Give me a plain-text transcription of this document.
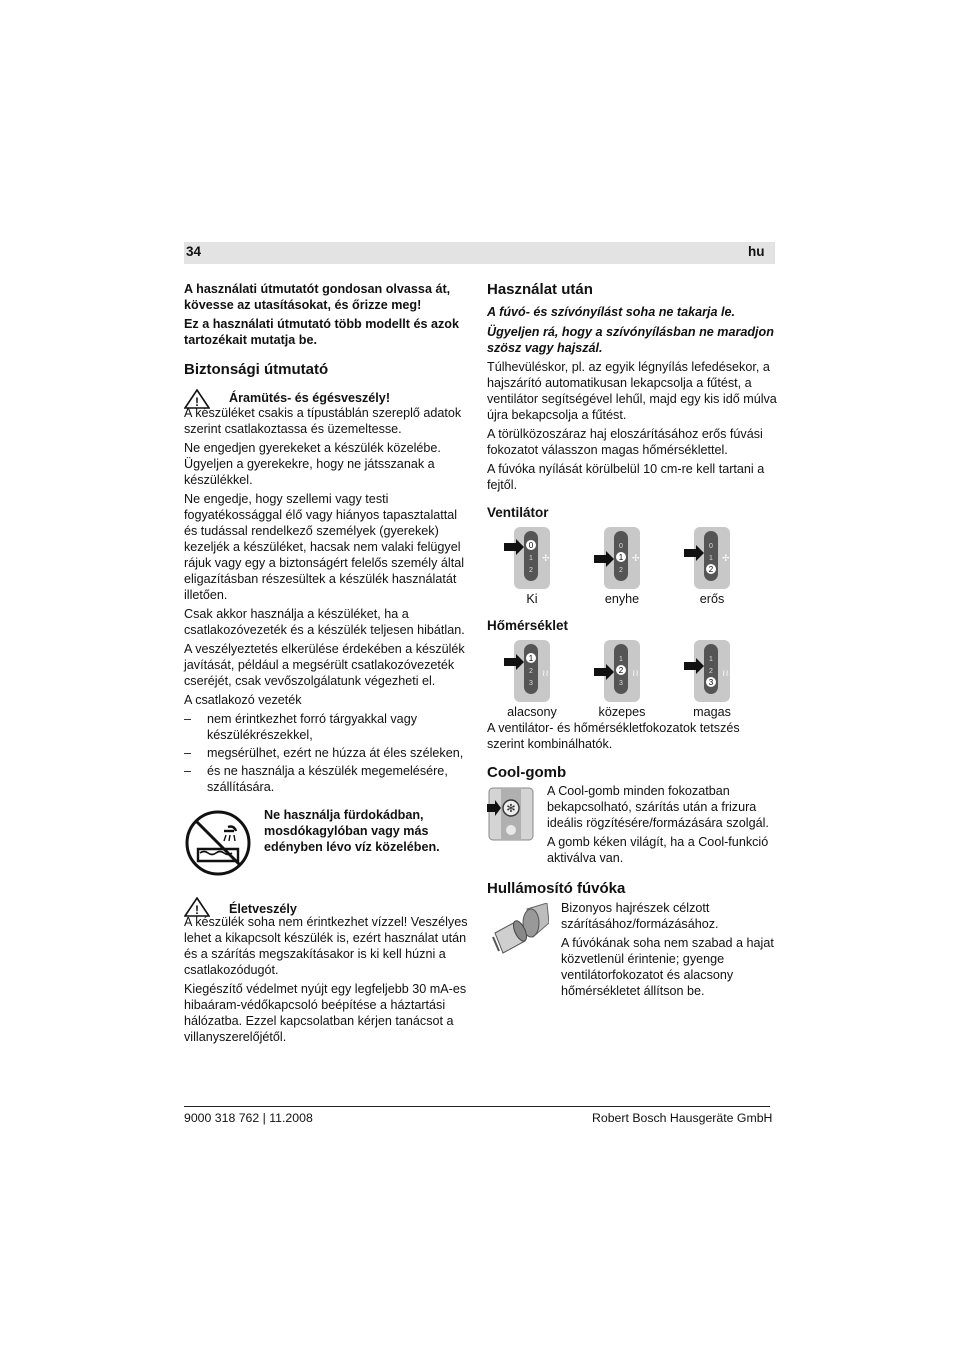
34	hu

A használati útmutatót gondosan olvassa át, kövesse az utasításokat, és őrizze meg!

Ez a használati útmutató több modellt és azok tartozékait mutatja be.

Biztonsági útmutató
! Áramütés- és égésveszély!

A készüléket csakis a típustáblán szereplő adatok szerint csatlakoztassa és üzemeltesse.

Ne engedjen gyerekeket a készülék közelébe. Ügyeljen a gyerekekre, hogy ne játsszanak a készülékkel.

Ne engedje, hogy szellemi vagy testi fogyatékossággal élő vagy hiányos tapasztalattal és tudással rendelkező személyek (gyerekek) kezeljék a készüléket, hacsak nem valaki felügyel rájuk vagy egy a biztonságért felelős személy által eligazításban részesültek a készülék használatát illetően.

Csak akkor használja a készüléket, ha a csatlakozóvezeték és a készülék teljesen hibátlan.

A veszélyeztetés elkerülése érdekében a készülék javítását, például a megsérült csatlakozóvezeték cseréjét, csak vevőszolgálatunk végezheti el.

A csatlakozó vezeték

– nem érintkezhet forró tárgyakkal vagy készülékrészekkel,
– megsérülhet, ezért ne húzza át éles széleken,
– és ne használja a készülék megemelésére, szállítására.
Ne használja fürdokádban, mosdókagylóban vagy más edényben lévo víz közelében.
! Életveszély

A készülék soha nem érintkezhet vízzel! Veszélyes lehet a kikapcsolt készülék is, ezért használat után és a szárítás megszakításakor is ki kell húzni a csatlakozódugót.

Kiegészítő védelmet nyújt egy legfeljebb 30 mA-es hibaáram-védőkapcsoló beépítése a háztartási hálózatba. Ezzel kapcsolatban kérjen tanácsot a villanyszerelőjétől.

Használat után

A fúvó- és szívónyílást soha ne takarja le.

Ügyeljen rá, hogy a szívónyílásban ne maradjon szösz vagy hajszál.

Túlhevüléskor, pl. az egyik légnyílás lefedésekor, a hajszárító automatikusan lekapcsolja a fűtést, a ventilátor segítségével lehűl, majd egy kis idő múlva újra bekapcsolja a fűtést.

A törülközoszáraz haj eloszárításához erős fúvási fokozatot válasszon magas hőmérséklettel.

A fúvóka nyílását körülbelül 10 cm-re kell tartani a fejtől.

Ventilátor
0
1
2
✢
Ki
0
1
2
✢
enyhe
0
1
2
✢
erős
Hőmérséklet
1
2
3
≀≀≀
alacsony
1
2
3
≀≀≀
közepes
1
2
3
≀≀≀
magas

A ventilátor- és hőmérsékletfokozatok tetszés szerint kombinálhatók.

Cool-gomb
✻

A Cool-gomb minden fokozatban bekapcsolható, szárítás után a frizura ideális rögzítésére/formázására szolgál.

A gomb kéken világít, ha a Cool-funkció aktiválva van.

Hullámosító fúvóka

Bizonyos hajrészek célzott szárításához/formázásához.

A fúvókának soha nem szabad a hajat közvetlenül érintenie; gyenge ventilátorfokozatot és alacsony hőmérsékletet állítson be.

9000 318 762 | 11.2008	Robert Bosch Hausgeräte GmbH
